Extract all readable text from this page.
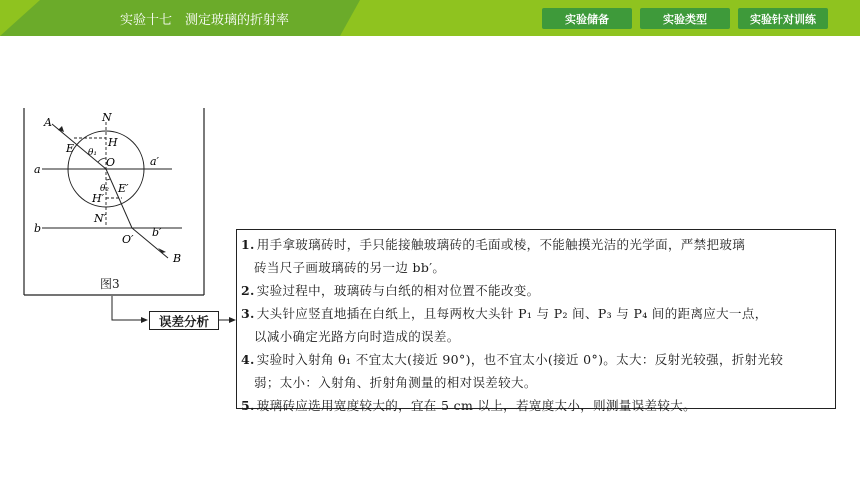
实验十七　测定玻璃的折射率	实验储备	实验类型	实验针对训练
A	N
E	H
θ₁
O
a
a′
θ₂
H′
E′
N′
b
O′
b′
B
图3
误差分析
1. 用手拿玻璃砖时，手只能接触玻璃砖的毛面或棱，不能触摸光洁的光学面，严禁把玻璃
砖当尺子画玻璃砖的另一边 bb′。
2. 实验过程中，玻璃砖与白纸的相对位置不能改变。
3. 大头针应竖直地插在白纸上，且每两枚大头针 P₁ 与 P₂ 间、P₃ 与 P₄ 间的距离应大一点，
以减小确定光路方向时造成的误差。
4. 实验时入射角 θ₁ 不宜太大(接近 90°)，也不宜太小(接近 0°)。太大：反射光较强，折射光较
弱；太小：入射角、折射角测量的相对误差较大。
5. 玻璃砖应选用宽度较大的，宜在 5 cm 以上，若宽度太小，则测量误差较大。
